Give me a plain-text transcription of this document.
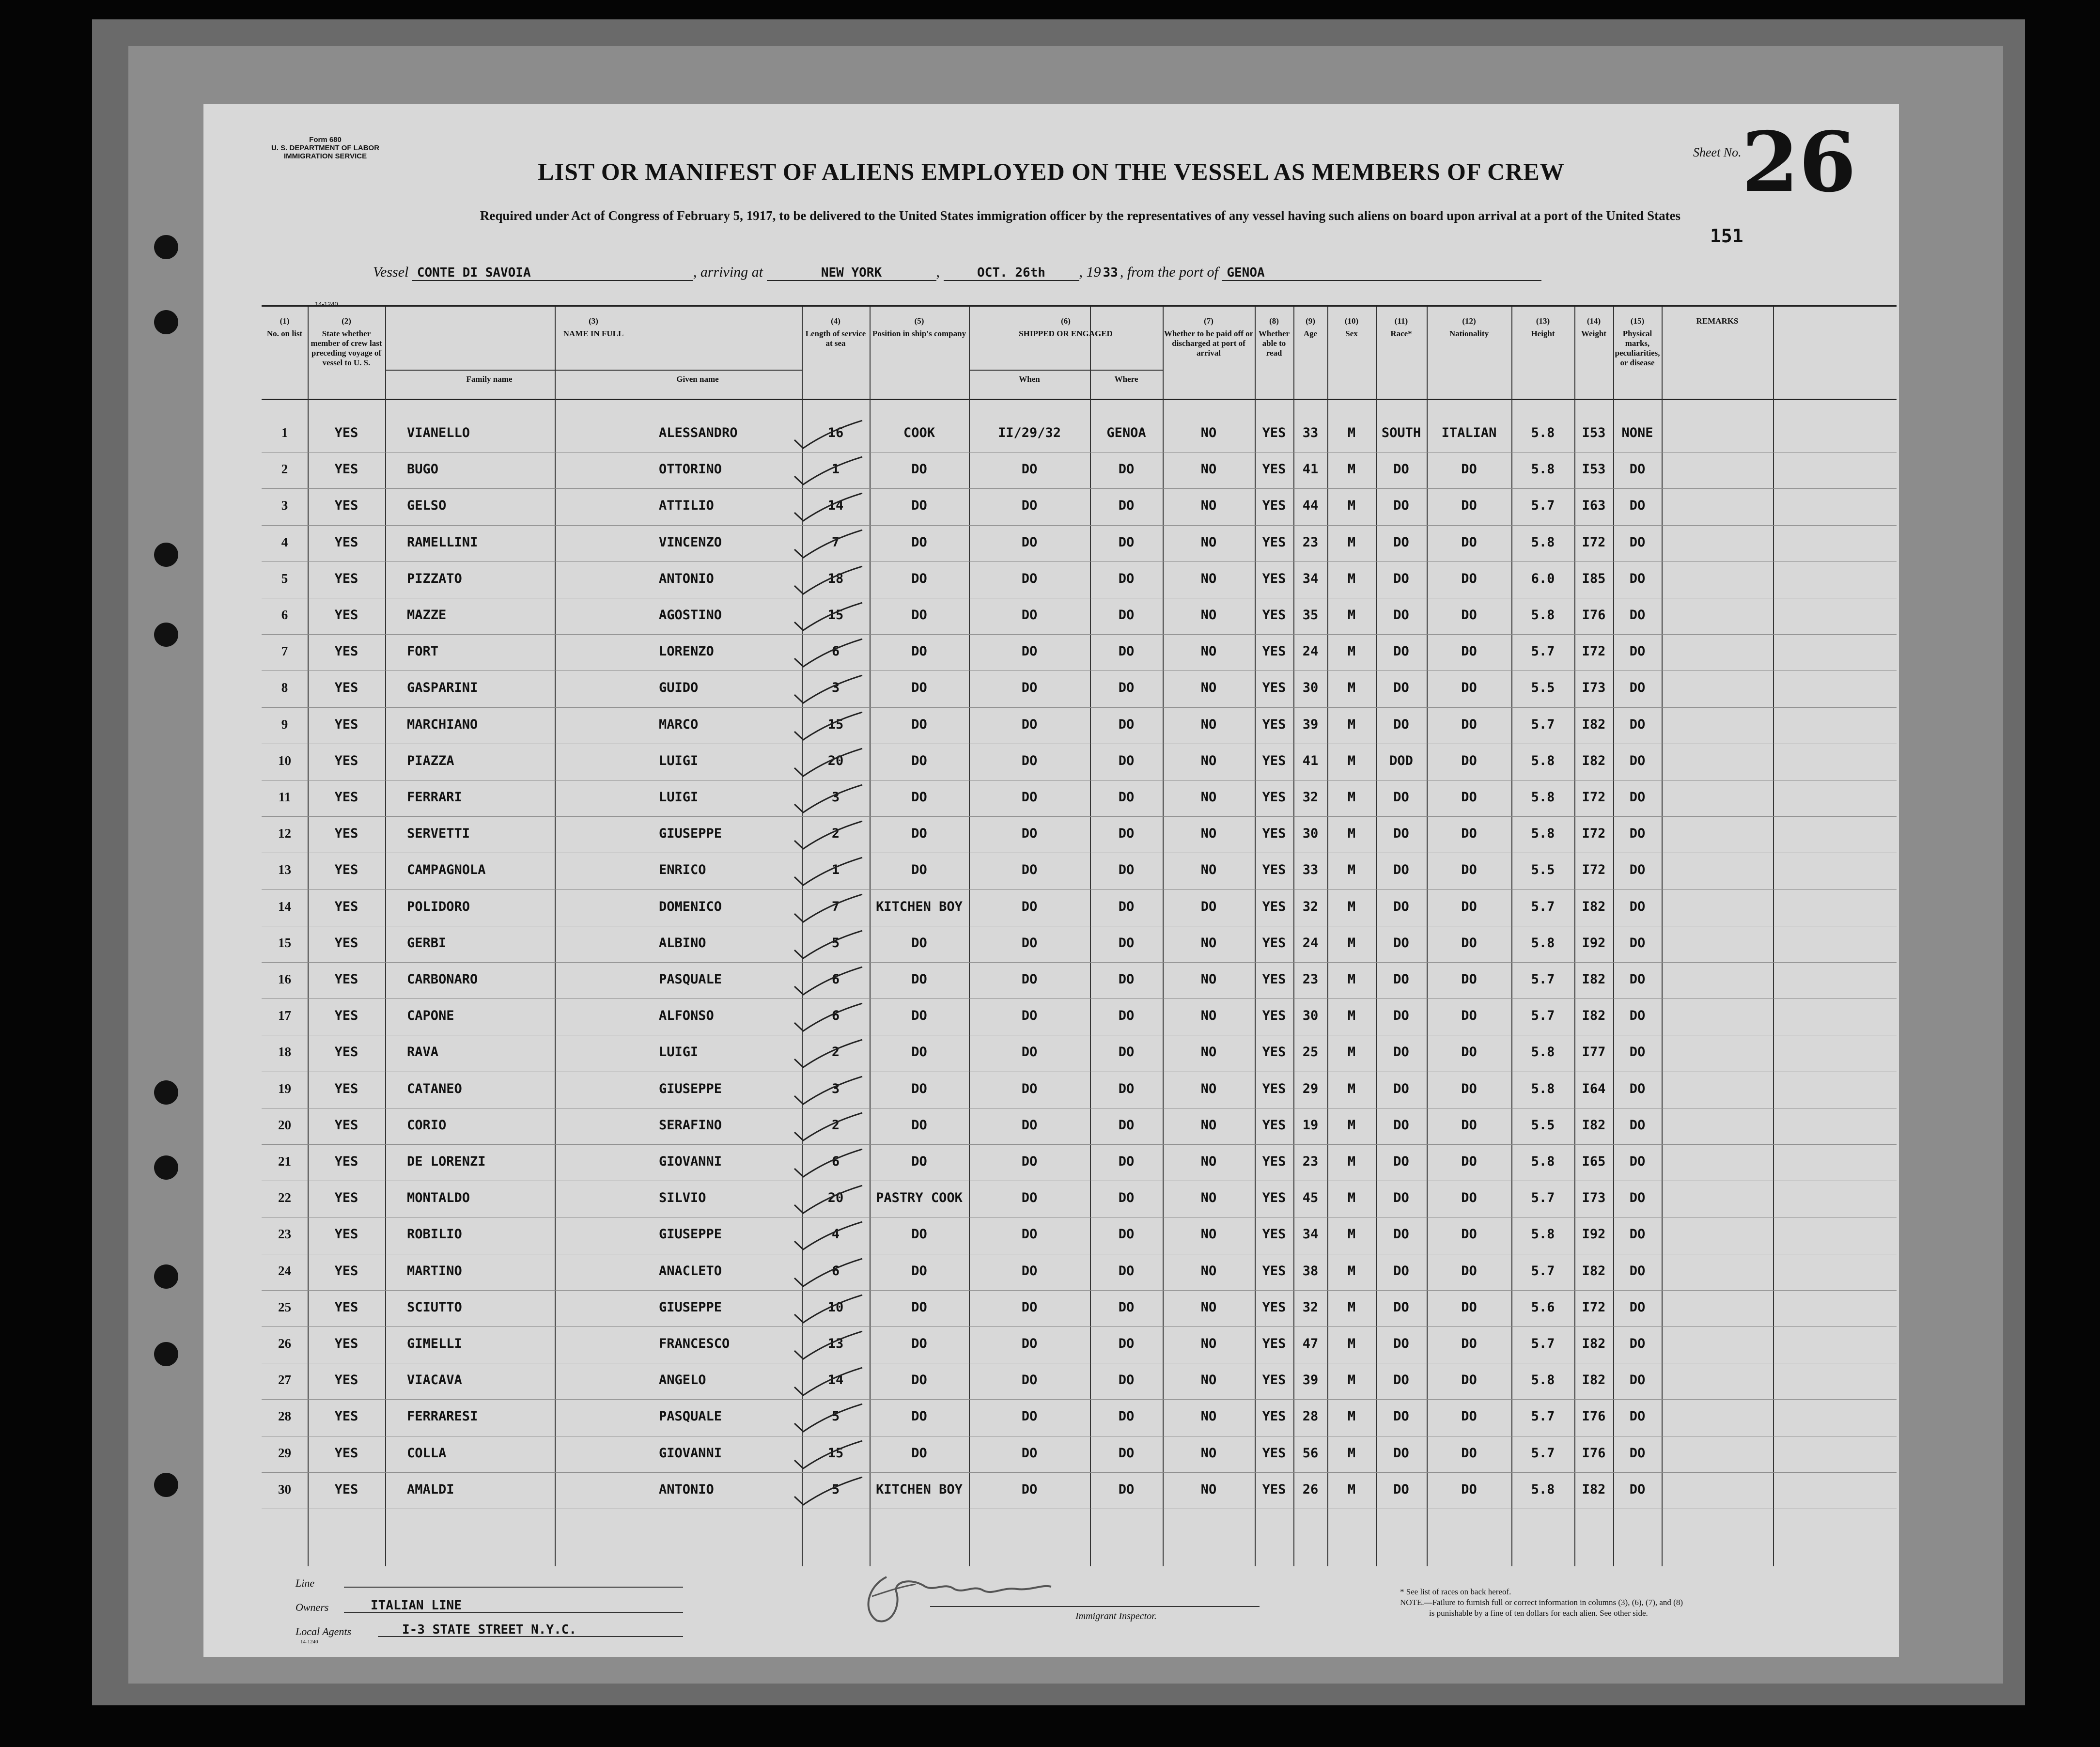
Form 680
U. S. DEPARTMENT OF LABOR
IMMIGRATION SERVICE
LIST OR MANIFEST OF ALIENS EMPLOYED ON THE VESSEL AS MEMBERS OF CREW
Required under Act of Congress of February 5, 1917, to be delivered to the United States immigration officer by the representatives of any vessel having such aliens on board upon arrival at a port of the United States
Sheet No. 26
151
Vessel CONTE DI SAVOIA	, arriving at	NEW YORK	,	OCT. 26th , 19 33 , from the port of GENOA
14-1240
(1)
No. on list
(2)
State whether member of crew last preceding voyage of vessel to U. S.
(3)
NAME IN FULL
Family name	Given name
(4)
Length of service at sea
(5)
Position in ship's company
(6)
SHIPPED OR ENGAGED
When	Where
(7)
Whether to be paid off or discharged at port of arrival
(8)
Whether able to read
(9)
Age
(10)
Sex
(11)
Race*
(12)
Nationality
(13)
Height
(14)
Weight
(15)
Physical marks, peculiarities, or disease
REMARKS
1	YES	VIANELLO	ALESSANDRO	16	COOK	II/29/32	GENOA	NO	YES	33	M	SOUTH	ITALIAN	5.8	I53	NONE
2	YES	BUGO	OTTORINO	1	DO	DO	DO	NO	YES	41	M	DO	DO	5.8	I53	DO
3	YES	GELSO	ATTILIO	14	DO	DO	DO	NO	YES	44	M	DO	DO	5.7	I63	DO
4	YES	RAMELLINI	VINCENZO	7	DO	DO	DO	NO	YES	23	M	DO	DO	5.8	I72	DO
5	YES	PIZZATO	ANTONIO	18	DO	DO	DO	NO	YES	34	M	DO	DO	6.0	I85	DO
6	YES	MAZZE	AGOSTINO	15	DO	DO	DO	NO	YES	35	M	DO	DO	5.8	I76	DO
7	YES	FORT	LORENZO	6	DO	DO	DO	NO	YES	24	M	DO	DO	5.7	I72	DO
8	YES	GASPARINI	GUIDO	3	DO	DO	DO	NO	YES	30	M	DO	DO	5.5	I73	DO
9	YES	MARCHIANO	MARCO	15	DO	DO	DO	NO	YES	39	M	DO	DO	5.7	I82	DO
10	YES	PIAZZA	LUIGI	20	DO	DO	DO	NO	YES	41	M	DOD	DO	5.8	I82	DO
11	YES	FERRARI	LUIGI	3	DO	DO	DO	NO	YES	32	M	DO	DO	5.8	I72	DO
12	YES	SERVETTI	GIUSEPPE	2	DO	DO	DO	NO	YES	30	M	DO	DO	5.8	I72	DO
13	YES	CAMPAGNOLA	ENRICO	1	DO	DO	DO	NO	YES	33	M	DO	DO	5.5	I72	DO
14	YES	POLIDORO	DOMENICO	7	KITCHEN BOY	DO	DO	DO	YES	32	M	DO	DO	5.7	I82	DO
15	YES	GERBI	ALBINO	5	DO	DO	DO	NO	YES	24	M	DO	DO	5.8	I92	DO
16	YES	CARBONARO	PASQUALE	6	DO	DO	DO	NO	YES	23	M	DO	DO	5.7	I82	DO
17	YES	CAPONE	ALFONSO	6	DO	DO	DO	NO	YES	30	M	DO	DO	5.7	I82	DO
18	YES	RAVA	LUIGI	2	DO	DO	DO	NO	YES	25	M	DO	DO	5.8	I77	DO
19	YES	CATANEO	GIUSEPPE	3	DO	DO	DO	NO	YES	29	M	DO	DO	5.8	I64	DO
20	YES	CORIO	SERAFINO	2	DO	DO	DO	NO	YES	19	M	DO	DO	5.5	I82	DO
21	YES	DE LORENZI	GIOVANNI	6	DO	DO	DO	NO	YES	23	M	DO	DO	5.8	I65	DO
22	YES	MONTALDO	SILVIO	20	PASTRY COOK	DO	DO	NO	YES	45	M	DO	DO	5.7	I73	DO
23	YES	ROBILIO	GIUSEPPE	4	DO	DO	DO	NO	YES	34	M	DO	DO	5.8	I92	DO
24	YES	MARTINO	ANACLETO	6	DO	DO	DO	NO	YES	38	M	DO	DO	5.7	I82	DO
25	YES	SCIUTTO	GIUSEPPE	10	DO	DO	DO	NO	YES	32	M	DO	DO	5.6	I72	DO
26	YES	GIMELLI	FRANCESCO	13	DO	DO	DO	NO	YES	47	M	DO	DO	5.7	I82	DO
27	YES	VIACAVA	ANGELO	14	DO	DO	DO	NO	YES	39	M	DO	DO	5.8	I82	DO
28	YES	FERRARESI	PASQUALE	5	DO	DO	DO	NO	YES	28	M	DO	DO	5.7	I76	DO
29	YES	COLLA	GIOVANNI	15	DO	DO	DO	NO	YES	56	M	DO	DO	5.7	I76	DO
30	YES	AMALDI	ANTONIO	5	KITCHEN BOY	DO	DO	NO	YES	26	M	DO	DO	5.8	I82	DO
Line
Owners	ITALIAN LINE
Local Agents	I-3 STATE STREET N.Y.C.
14-1240
Immigrant Inspector.
* See list of races on back hereof.
NOTE.—Failure to furnish full or correct information in columns (3), (6), (7), and (8)
is punishable by a fine of ten dollars for each alien. See other side.
